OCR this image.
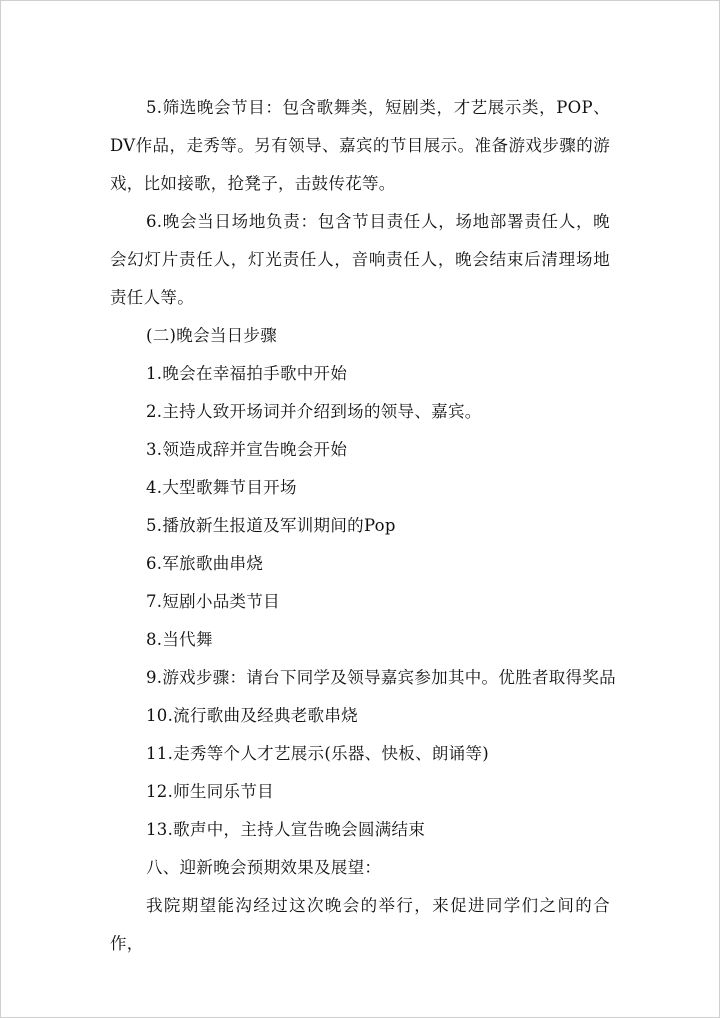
5.筛选晚会节目：包含歌舞类，短剧类，才艺展示类，POP、DV作品，走秀等。另有领导、嘉宾的节目展示。准备游戏步骤的游戏，比如接歌，抢凳子，击鼓传花等。

6.晚会当日场地负责：包含节目责任人，场地部署责任人，晚会幻灯片责任人，灯光责任人，音响责任人，晚会结束后清理场地责任人等。

(二)晚会当日步骤

1.晚会在幸福拍手歌中开始

2.主持人致开场词并介绍到场的领导、嘉宾。

3.领造成辞并宣告晚会开始

4.大型歌舞节目开场

5.播放新生报道及军训期间的Pop

6.军旅歌曲串烧

7.短剧小品类节目

8.当代舞

9.游戏步骤：请台下同学及领导嘉宾参加其中。优胜者取得奖品

10.流行歌曲及经典老歌串烧

11.走秀等个人才艺展示(乐器、快板、朗诵等)

12.师生同乐节目

13.歌声中，主持人宣告晚会圆满结束

八、迎新晚会预期效果及展望：

我院期望能沟经过这次晚会的举行，来促进同学们之间的合作，
